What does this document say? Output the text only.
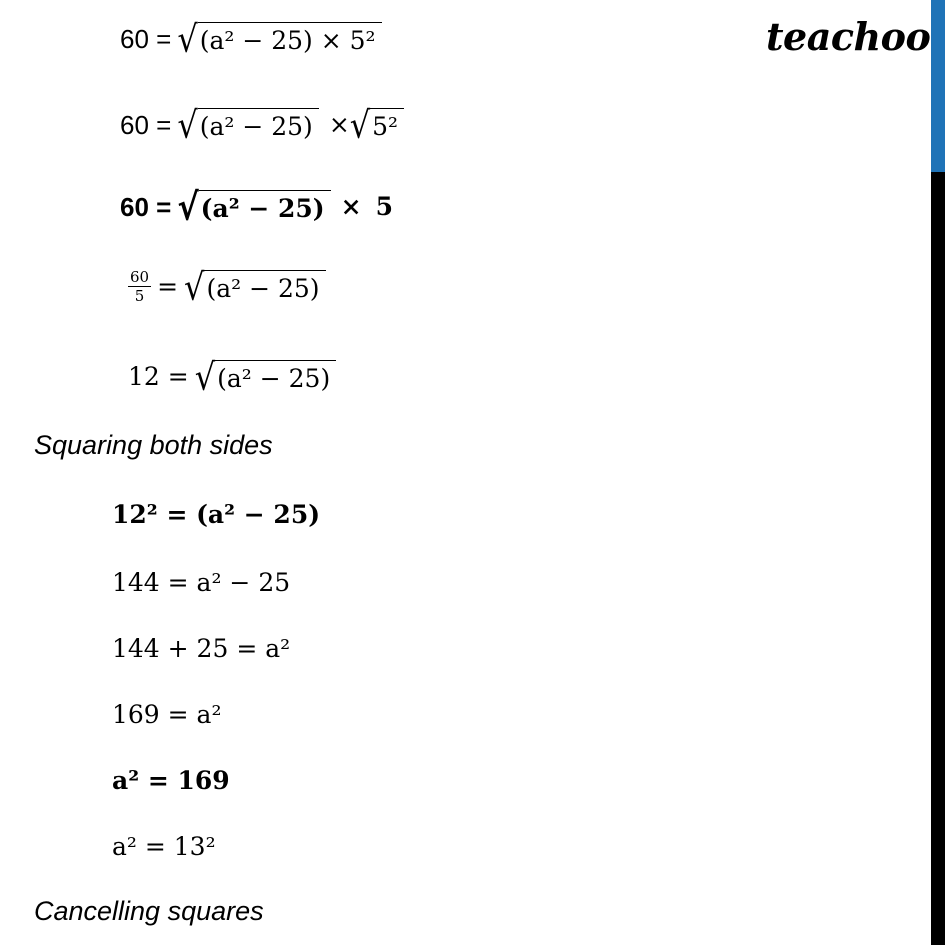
teachoo
60 = √ (a² − 25) × 5²
60 = √ (a² − 25) × √ 5²
60 = √ (a² − 25) × 5
$\frac{60}{5}$ = √ (a² − 25)
12 = √ (a² − 25)
Squaring both sides
12² = (a² − 25)
144 = a² − 25
144 + 25 = a²
169 = a²
a² = 169
a² = 13²
Cancelling squares
